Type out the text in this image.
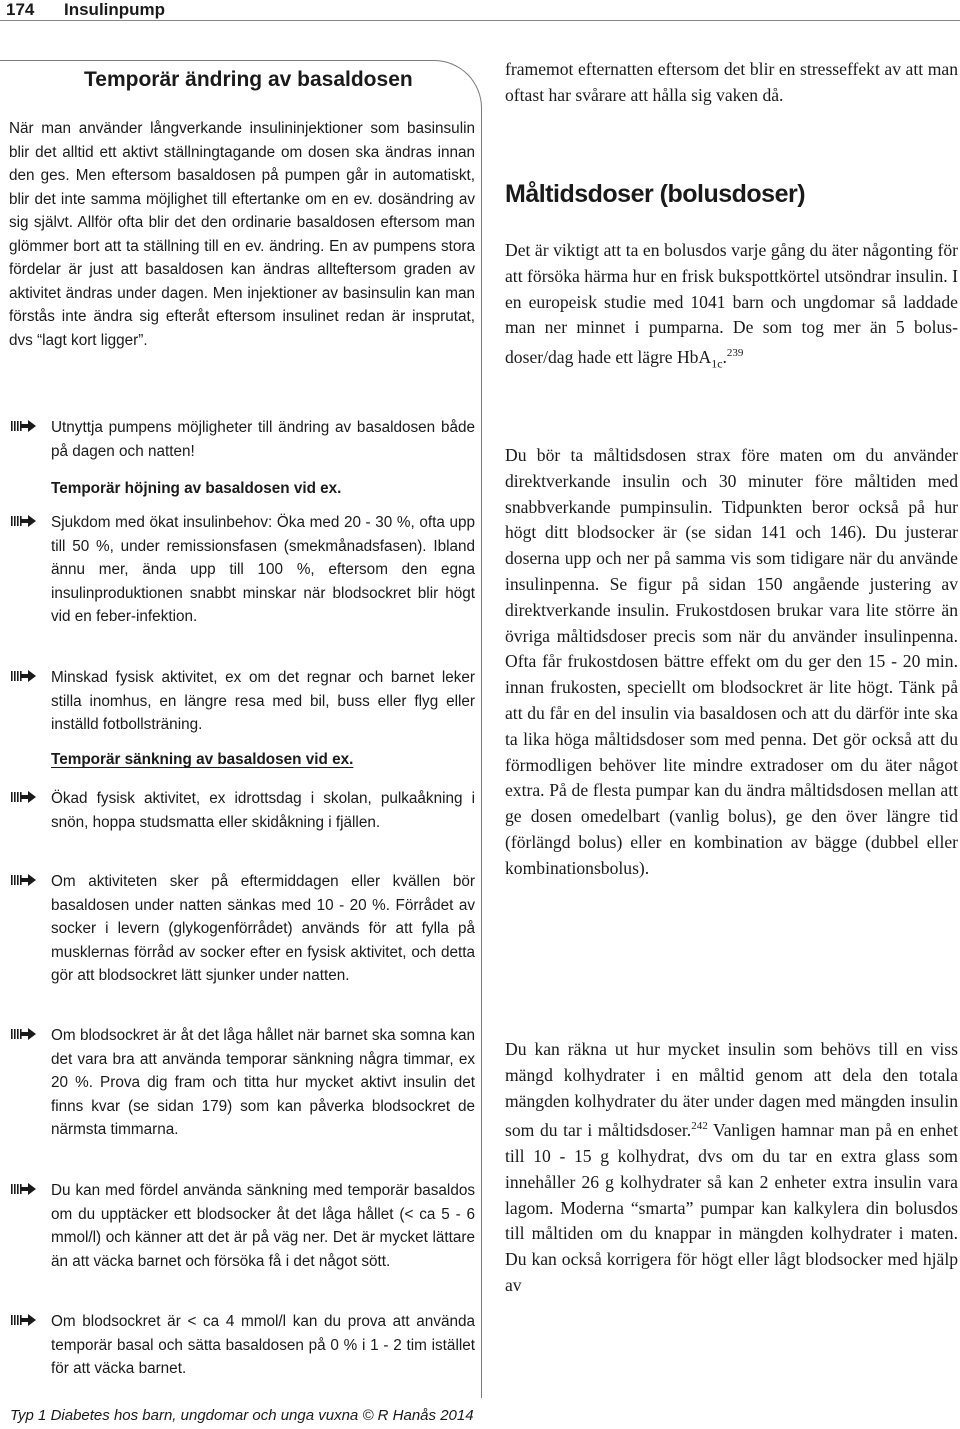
174 Insulinpump
Temporär ändring av basaldosen

När man använder långverkande insulininjektioner som basinsulin blir det alltid ett aktivt ställningtagande om dosen ska ändras innan den ges. Men eftersom basaldosen på pumpen går in automatiskt, blir det inte samma möjlighet till eftertanke om en ev. dosändring av sig självt. Allför ofta blir det den ordinarie basaldosen eftersom man glömmer bort att ta ställning till en ev. ändring. En av pumpens stora fördelar är just att basaldosen kan ändras allteftersom graden av aktivitet ändras under dagen. Men injektioner av basinsulin kan man förstås inte ändra sig efteråt eftersom insulinet redan är insprutat, dvs “lagt kort ligger”.

Utnyttja pumpens möjligheter till ändring av basaldosen både på dagen och natten!

Temporär höjning av basaldosen vid ex.

Sjukdom med ökat insulinbehov: Öka med 20 - 30 %, ofta upp till 50 %, under remissionsfasen (smekmånadsfasen). Ibland ännu mer, ända upp till 100 %, eftersom den egna insulinproduktionen snabbt minskar när blodsockret blir högt vid en feber-infektion.

Minskad fysisk aktivitet, ex om det regnar och barnet leker stilla inomhus, en längre resa med bil, buss eller flyg eller inställd fotbollsträning.

Temporär sänkning av basaldosen vid ex.

Ökad fysisk aktivitet, ex idrottsdag i skolan, pulkaåkning i snön, hoppa studsmatta eller skidåkning i fjällen.

Om aktiviteten sker på eftermiddagen eller kvällen bör basaldosen under natten sänkas med 10 - 20 %. Förrådet av socker i levern (glykogenförrådet) används för att fylla på musklernas förråd av socker efter en fysisk aktivitet, och detta gör att blodsockret lätt sjunker under natten.

Om blodsockret är åt det låga hållet när barnet ska somna kan det vara bra att använda temporar sänkning några timmar, ex 20 %. Prova dig fram och titta hur mycket aktivt insulin det finns kvar (se sidan 179) som kan påverka blodsockret de närmsta timmarna.

Du kan med fördel använda sänkning med temporär basaldos om du upptäcker ett blodsocker åt det låga hållet (< ca 5 - 6 mmol/l) och känner att det är på väg ner. Det är mycket lättare än att väcka barnet och försöka få i det något sött.

Om blodsockret är < ca 4 mmol/l kan du prova att använda temporär basal och sätta basaldosen på 0 % i 1 - 2 tim istället för att väcka barnet.

framemot efternatten eftersom det blir en stresseffekt av att man oftast har svårare att hålla sig vaken då.

Måltidsdoser (bolusdoser)

Det är viktigt att ta en bolusdos varje gång du äter någonting för att försöka härma hur en frisk bukspottkörtel utsöndrar insulin. I en europeisk studie med 1041 barn och ungdomar så laddade man ner minnet i pumparna. De som tog mer än 5 bolus-doser/dag hade ett lägre HbA$_{1c}$.$^{239}$

Du bör ta måltidsdosen strax före maten om du använder direktverkande insulin och 30 minuter före måltiden med snabbverkande pumpinsulin. Tidpunkten beror också på hur högt ditt blodsocker är (se sidan 141 och 146). Du justerar doserna upp och ner på samma vis som tidigare när du använde insulinpenna. Se figur på sidan 150 angående justering av direktverkande insulin. Frukostdosen brukar vara lite större än övriga måltidsdoser precis som när du använder insulinpenna. Ofta får frukostdosen bättre effekt om du ger den 15 - 20 min. innan frukosten, speciellt om blodsockret är lite högt. Tänk på att du får en del insulin via basaldosen och att du därför inte ska ta lika höga måltidsdoser som med penna. Det gör också att du förmodligen behöver lite mindre extradoser om du äter något extra. På de flesta pumpar kan du ändra måltidsdosen mellan att ge dosen omedelbart (vanlig bolus), ge den över längre tid (förlängd bolus) eller en kombination av bägge (dubbel eller kombinationsbolus).

Du kan räkna ut hur mycket insulin som behövs till en viss mängd kolhydrater i en måltid genom att dela den totala mängden kolhydrater du äter under dagen med mängden insulin som du tar i måltidsdoser.$^{242}$ Vanligen hamnar man på en enhet till 10 - 15 g kolhydrat, dvs om du tar en extra glass som innehåller 26 g kolhydrater så kan 2 enheter extra insulin vara lagom. Moderna “smarta” pumpar kan kalkylera din bolusdos till måltiden om du knappar in mängden kolhydrater i maten. Du kan också korrigera för högt eller lågt blodsocker med hjälp av

Typ 1 Diabetes hos barn, ungdomar och unga vuxna © R Hanås 2014
